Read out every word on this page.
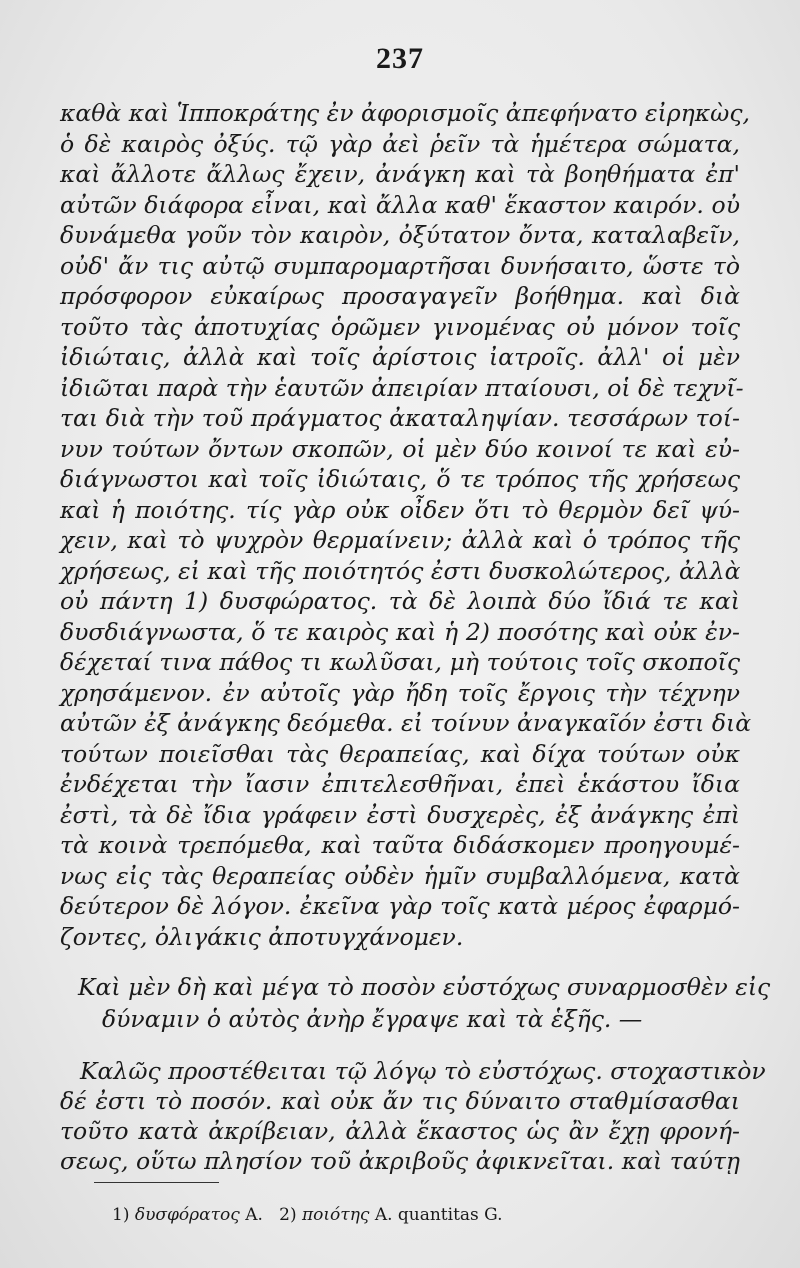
237
καθὰ καὶ Ἱπποκράτης ἐν ἀφορισμοῖς ἀπεφήνατο εἰρηκὼς,
ὁ δὲ καιρὸς ὀξύς. τῷ γὰρ ἀεὶ ῥεῖν τὰ ἡμέτερα σώματα,
καὶ ἄλλοτε ἄλλως ἔχειν, ἀνάγκη καὶ τὰ βοηθήματα ἐπ'
αὐτῶν διάφορα εἶναι, καὶ ἄλλα καθ' ἕκαστον καιρόν. οὐ
δυνάμεθα γοῦν τὸν καιρὸν, ὀξύτατον ὄντα, καταλαβεῖν,
οὐδ' ἄν τις αὐτῷ συμπαρομαρτῆσαι δυνήσαιτο, ὥστε τὸ
πρόσφορον εὐκαίρως προσαγαγεῖν βοήθημα. καὶ διὰ
τοῦτο τὰς ἀποτυχίας ὁρῶμεν γινομένας οὐ μόνον τοῖς
ἰδιώταις, ἀλλὰ καὶ τοῖς ἀρίστοις ἰατροῖς. ἀλλ' οἱ μὲν
ἰδιῶται παρὰ τὴν ἑαυτῶν ἀπειρίαν πταίουσι, οἱ δὲ τεχνῖ-
ται διὰ τὴν τοῦ πράγματος ἀκαταληψίαν. τεσσάρων τοί-
νυν τούτων ὄντων σκοπῶν, οἱ μὲν δύο κοινοί τε καὶ εὐ-
διάγνωστοι καὶ τοῖς ἰδιώταις, ὅ τε τρόπος τῆς χρήσεως
καὶ ἡ ποιότης. τίς γὰρ οὐκ οἶδεν ὅτι τὸ θερμὸν δεῖ ψύ-
χειν, καὶ τὸ ψυχρὸν θερμαίνειν; ἀλλὰ καὶ ὁ τρόπος τῆς
χρήσεως, εἰ καὶ τῆς ποιότητός ἐστι δυσκολώτερος, ἀλλὰ
οὐ πάντη 1) δυσφώρατος. τὰ δὲ λοιπὰ δύο ἴδιά τε καὶ
δυσδιάγνωστα, ὅ τε καιρὸς καὶ ἡ 2) ποσότης καὶ οὐκ ἐν-
δέχεταί τινα πάθος τι κωλῦσαι, μὴ τούτοις τοῖς σκοποῖς
χρησάμενον. ἐν αὐτοῖς γὰρ ἤδη τοῖς ἔργοις τὴν τέχνην
αὐτῶν ἐξ ἀνάγκης δεόμεθα. εἰ τοίνυν ἀναγκαῖόν ἐστι διὰ
τούτων ποιεῖσθαι τὰς θεραπείας, καὶ δίχα τούτων οὐκ
ἐνδέχεται τὴν ἴασιν ἐπιτελεσθῆναι, ἐπεὶ ἑκάστου ἴδια
ἐστὶ, τὰ δὲ ἴδια γράφειν ἐστὶ δυσχερὲς, ἐξ ἀνάγκης ἐπὶ
τὰ κοινὰ τρεπόμεθα, καὶ ταῦτα διδάσκομεν προηγουμέ-
νως εἰς τὰς θεραπείας οὐδὲν ἡμῖν συμβαλλόμενα, κατὰ
δεύτερον δὲ λόγον. ἐκεῖνα γὰρ τοῖς κατὰ μέρος ἐφαρμό-
ζοντες, ὀλιγάκις ἀποτυγχάνομεν.
Καὶ μὲν δὴ καὶ μέγα τὸ ποσὸν εὐστόχως συναρμοσθὲν εἰς
δύναμιν ὁ αὐτὸς ἀνὴρ ἔγραψε καὶ τὰ ἑξῆς. —
Καλῶς προστέθειται τῷ λόγῳ τὸ εὐστόχως. στοχαστικὸν
δέ ἐστι τὸ ποσόν. καὶ οὐκ ἄν τις δύναιτο σταθμίσασθαι
τοῦτο κατὰ ἀκρίβειαν, ἀλλὰ ἕκαστος ὡς ἂν ἔχῃ φρονή-
σεως, οὕτω πλησίον τοῦ ἀκριβοῦς ἀφικνεῖται. καὶ ταύτῃ
1) δυσφόρατος A. 2) ποιότης A. quantitas G.
